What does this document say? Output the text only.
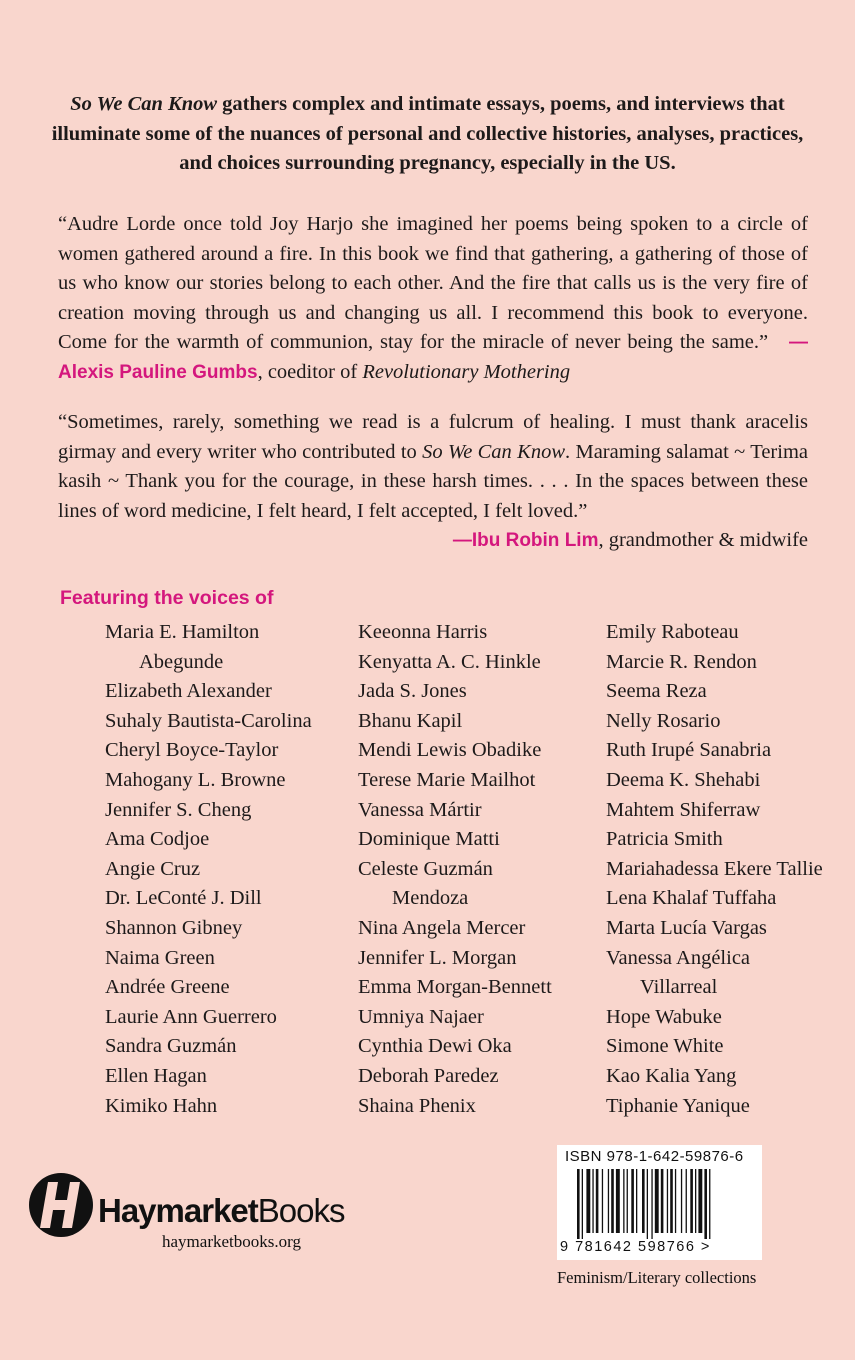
So We Can Know gathers complex and intimate essays, poems, and interviews that illuminate some of the nuances of personal and collective histories, analyses, practices, and choices surrounding pregnancy, especially in the US.
“Audre Lorde once told Joy Harjo she imagined her poems being spoken to a circle of women gathered around a fire. In this book we find that gathering, a gathering of those of us who know our stories belong to each other. And the fire that calls us is the very fire of creation moving through us and changing us all. I recommend this book to everyone. Come for the warmth of communion, stay for the miracle of never being the same.” —Alexis Pauline Gumbs, coeditor of Revolutionary Mothering
“Sometimes, rarely, something we read is a fulcrum of healing. I must thank aracelis girmay and every writer who contributed to So We Can Know. Maraming salamat ~ Terima kasih ~ Thank you for the courage, in these harsh times. . . . In the spaces between these lines of word medicine, I felt heard, I felt accepted, I felt loved.”
—Ibu Robin Lim, grandmother & midwife
Featuring the voices of
Maria E. Hamilton
Abegunde
Elizabeth Alexander
Suhaly Bautista-Carolina
Cheryl Boyce-Taylor
Mahogany L. Browne
Jennifer S. Cheng
Ama Codjoe
Angie Cruz
Dr. LeConté J. Dill
Shannon Gibney
Naima Green
Andrée Greene
Laurie Ann Guerrero
Sandra Guzmán
Ellen Hagan
Kimiko Hahn
Keeonna Harris
Kenyatta A. C. Hinkle
Jada S. Jones
Bhanu Kapil
Mendi Lewis Obadike
Terese Marie Mailhot
Vanessa Mártir
Dominique Matti
Celeste Guzmán
Mendoza
Nina Angela Mercer
Jennifer L. Morgan
Emma Morgan-Bennett
Umniya Najaer
Cynthia Dewi Oka
Deborah Paredez
Shaina Phenix
Emily Raboteau
Marcie R. Rendon
Seema Reza
Nelly Rosario
Ruth Irupé Sanabria
Deema K. Shehabi
Mahtem Shiferraw
Patricia Smith
Mariahadessa Ekere Tallie
Lena Khalaf Tuffaha
Marta Lucía Vargas
Vanessa Angélica
Villarreal
Hope Wabuke
Simone White
Kao Kalia Yang
Tiphanie Yanique
HaymarketBooks
haymarketbooks.org
ISBN 978-1-642-59876-6
9 781642 598766 >
Feminism/Literary collections
